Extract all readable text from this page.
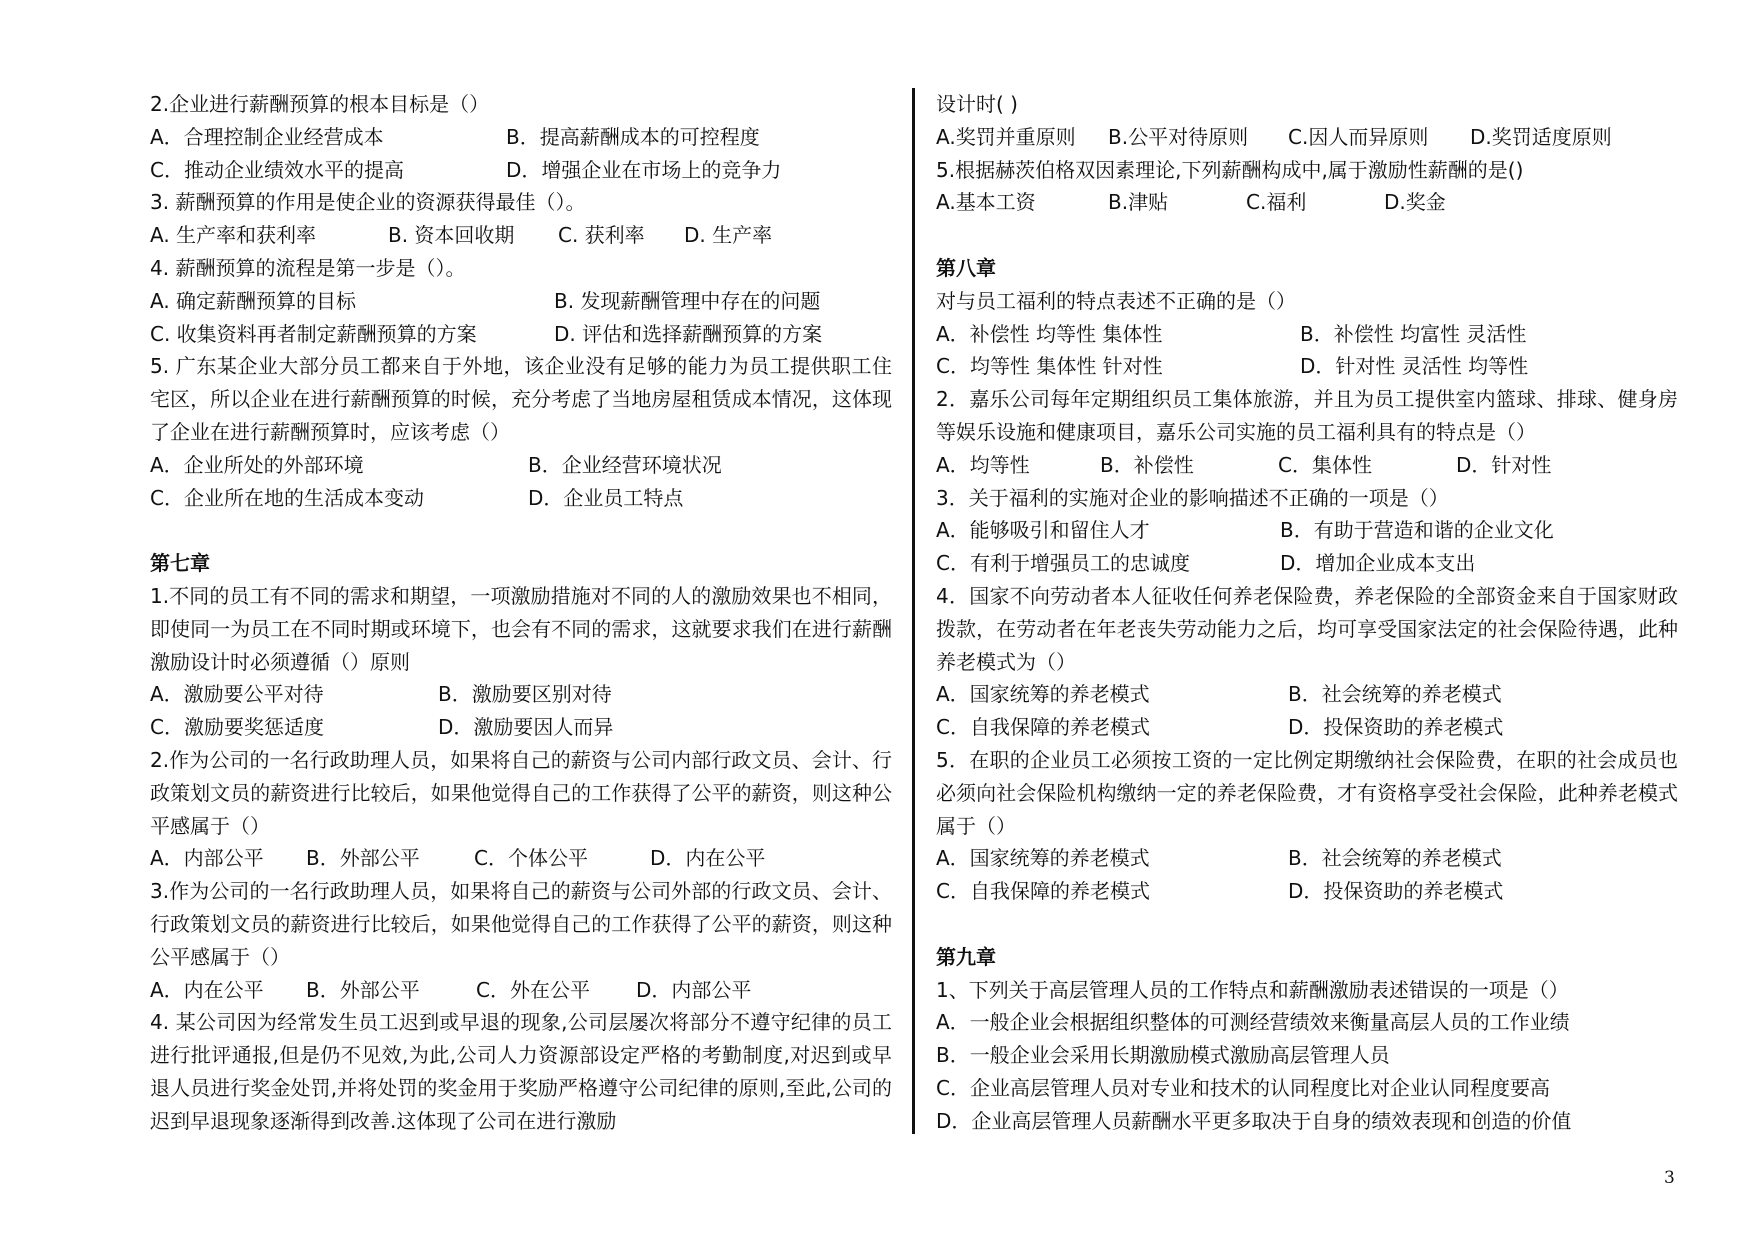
2.企业进行薪酬预算的根本目标是（）
A．合理控制企业经营成本	B．提高薪酬成本的可控程度
C．推动企业绩效水平的提高	D．增强企业在市场上的竞争力
3. 薪酬预算的作用是使企业的资源获得最佳（）。
A. 生产率和获利率	B. 资本回收期 C. 获利率 D. 生产率
4. 薪酬预算的流程是第一步是（）。
A. 确定薪酬预算的目标	B. 发现薪酬管理中存在的问题
C. 收集资料再者制定薪酬预算的方案	D. 评估和选择薪酬预算的方案
5. 广东某企业大部分员工都来自于外地，该企业没有足够的能力为员工提供职工住宅区，所以企业在进行薪酬预算的时候，充分考虑了当地房屋租赁成本情况，这体现了企业在进行薪酬预算时，应该考虑（）
A．企业所处的外部环境	B．企业经营环境状况
C．企业所在地的生活成本变动	D．企业员工特点
第七章
1.不同的员工有不同的需求和期望，一项激励措施对不同的人的激励效果也不相同，即使同一为员工在不同时期或环境下，也会有不同的需求，这就要求我们在进行薪酬激励设计时必须遵循（）原则
A．激励要公平对待	B．激励要区别对待
C．激励要奖惩适度	D．激励要因人而异
2.作为公司的一名行政助理人员，如果将自己的薪资与公司内部行政文员、会计、行政策划文员的薪资进行比较后，如果他觉得自己的工作获得了公平的薪资，则这种公平感属于（）
A．内部公平 B．外部公平	C．个体公平	D．内在公平
3.作为公司的一名行政助理人员，如果将自己的薪资与公司外部的行政文员、会计、行政策划文员的薪资进行比较后，如果他觉得自己的工作获得了公平的薪资，则这种公平感属于（）
A．内在公平 B．外部公平	C．外在公平 D．内部公平
4. 某公司因为经常发生员工迟到或早退的现象,公司层屡次将部分不遵守纪律的员工进行批评通报,但是仍不见效,为此,公司人力资源部设定严格的考勤制度,对迟到或早退人员进行奖金处罚,并将处罚的奖金用于奖励严格遵守公司纪律的原则,至此,公司的迟到早退现象逐渐得到改善.这体现了公司在进行激励
设计时( )
A.奖罚并重原则 B.公平对待原则 C.因人而异原则 D.奖罚适度原则
5.根据赫茨伯格双因素理论,下列薪酬构成中,属于激励性薪酬的是()
A.基本工资	B.津贴	C.福利	D.奖金
第八章
对与员工福利的特点表述不正确的是（）
A．补偿性 均等性 集体性	B．补偿性 均富性 灵活性
C．均等性 集体性 针对性	D．针对性 灵活性 均等性
2．嘉乐公司每年定期组织员工集体旅游，并且为员工提供室内篮球、排球、健身房等娱乐设施和健康项目，嘉乐公司实施的员工福利具有的特点是（）
A．均等性	B．补偿性	C．集体性	D．针对性
3．关于福利的实施对企业的影响描述不正确的一项是（）
A．能够吸引和留住人才	B．有助于营造和谐的企业文化
C．有利于增强员工的忠诚度	D．增加企业成本支出
4．国家不向劳动者本人征收任何养老保险费，养老保险的全部资金来自于国家财政拨款，在劳动者在年老丧失劳动能力之后，均可享受国家法定的社会保险待遇，此种养老模式为（）
A．国家统筹的养老模式	B．社会统筹的养老模式
C．自我保障的养老模式	D．投保资助的养老模式
5．在职的企业员工必须按工资的一定比例定期缴纳社会保险费，在职的社会成员也必须向社会保险机构缴纳一定的养老保险费，才有资格享受社会保险，此种养老模式属于（）
A．国家统筹的养老模式	B．社会统筹的养老模式
C．自我保障的养老模式	D．投保资助的养老模式
第九章
1、下列关于高层管理人员的工作特点和薪酬激励表述错误的一项是（）
A．一般企业会根据组织整体的可测经营绩效来衡量高层人员的工作业绩
B．一般企业会采用长期激励模式激励高层管理人员
C．企业高层管理人员对专业和技术的认同程度比对企业认同程度要高
D．企业高层管理人员薪酬水平更多取决于自身的绩效表现和创造的价值
3
